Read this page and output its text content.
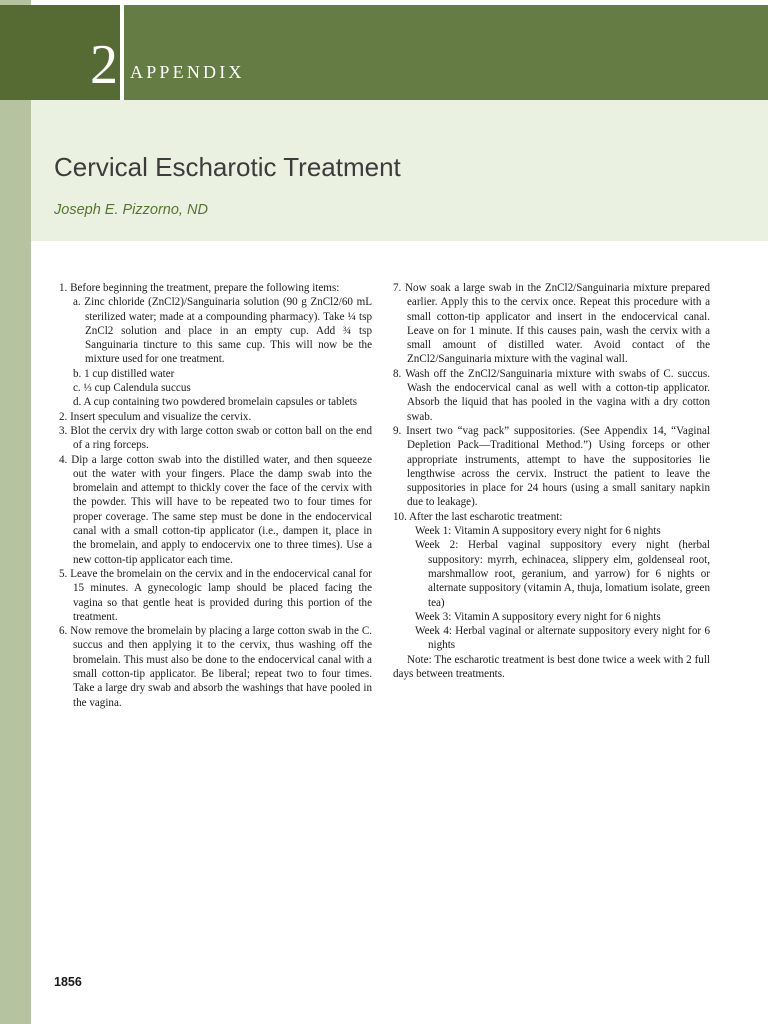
2 APPENDIX
Cervical Escharotic Treatment
Joseph E. Pizzorno, ND

1. Before beginning the treatment, prepare the following items:

a. Zinc chloride (ZnCl2)/Sanguinaria solution (90 g ZnCl2/60 mL sterilized water; made at a compounding pharmacy). Take ¼ tsp ZnCl2 solution and place in an empty cup. Add ¾ tsp Sanguinaria tincture to this same cup. This will now be the mixture used for one treatment.

b. 1 cup distilled water

c. ⅓ cup Calendula succus

d. A cup containing two powdered bromelain capsules or tablets

2. Insert speculum and visualize the cervix.

3. Blot the cervix dry with large cotton swab or cotton ball on the end of a ring forceps.

4. Dip a large cotton swab into the distilled water, and then squeeze out the water with your fingers. Place the damp swab into the bromelain and attempt to thickly cover the face of the cervix with the powder. This will have to be repeated two to four times for proper coverage. The same step must be done in the endocervical canal with a small cotton-tip applicator (i.e., dampen it, place in the bromelain, and apply to endocervix one to three times). Use a new cotton-tip applicator each time.

5. Leave the bromelain on the cervix and in the endocervical canal for 15 minutes. A gynecologic lamp should be placed facing the vagina so that gentle heat is provided during this portion of the treatment.

6. Now remove the bromelain by placing a large cotton swab in the C. succus and then applying it to the cervix, thus washing off the bromelain. This must also be done to the endocervical canal with a small cotton-tip applicator. Be liberal; repeat two to four times. Take a large dry swab and absorb the washings that have pooled in the vagina.

7. Now soak a large swab in the ZnCl2/Sanguinaria mixture prepared earlier. Apply this to the cervix once. Repeat this procedure with a small cotton-tip applicator and insert in the endocervical canal. Leave on for 1 minute. If this causes pain, wash the cervix with a small amount of distilled water. Avoid contact of the ZnCl2/Sanguinaria mixture with the vaginal wall.

8. Wash off the ZnCl2/Sanguinaria mixture with swabs of C. succus. Wash the endocervical canal as well with a cotton-tip applicator. Absorb the liquid that has pooled in the vagina with a dry cotton swab.

9. Insert two “vag pack” suppositories. (See Appendix 14, “Vaginal Depletion Pack—Traditional Method.”) Using forceps or other appropriate instruments, attempt to have the suppositories lie lengthwise across the cervix. Instruct the patient to leave the suppositories in place for 24 hours (using a small sanitary napkin due to leakage).

10. After the last escharotic treatment:

Week 1: Vitamin A suppository every night for 6 nights

Week 2: Herbal vaginal suppository every night (herbal suppository: myrrh, echinacea, slippery elm, goldenseal root, marshmallow root, geranium, and yarrow) for 6 nights or alternate suppository (vitamin A, thuja, lomatium isolate, green tea)

Week 3: Vitamin A suppository every night for 6 nights

Week 4: Herbal vaginal or alternate suppository every night for 6 nights

Note: The escharotic treatment is best done twice a week with 2 full days between treatments.

1856
